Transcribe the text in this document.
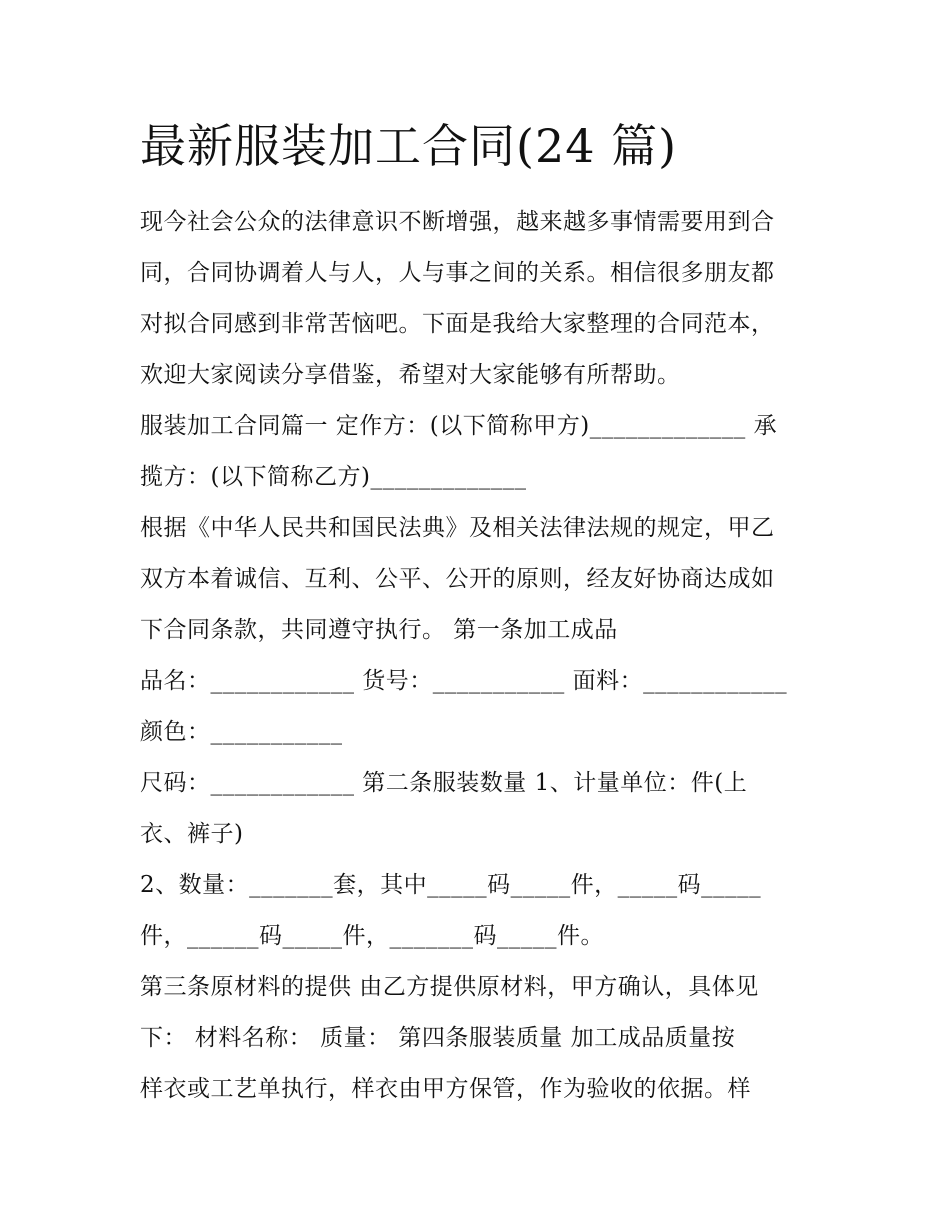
最新服装加工合同(24 篇)

现今社会公众的法律意识不断增强，越来越多事情需要用到合

同，合同协调着人与人，人与事之间的关系。相信很多朋友都

对拟合同感到非常苦恼吧。下面是我给大家整理的合同范本，

欢迎大家阅读分享借鉴，希望对大家能够有所帮助。

服装加工合同篇一 定作方：(以下简称甲方)_____________ 承

揽方：(以下简称乙方)_____________

根据《中华人民共和国民法典》及相关法律法规的规定，甲乙

双方本着诚信、互利、公平、公开的原则，经友好协商达成如

下合同条款，共同遵守执行。 第一条加工成品

品名：____________ 货号：___________ 面料：____________

颜色：___________

尺码：____________ 第二条服装数量 1、计量单位：件(上

衣、裤子)

2、数量：_______套，其中_____码_____件，_____码_____

件，______码_____件，_______码_____件。

第三条原材料的提供 由乙方提供原材料，甲方确认，具体见

下： 材料名称： 质量： 第四条服装质量 加工成品质量按

样衣或工艺单执行，样衣由甲方保管，作为验收的依据。样
